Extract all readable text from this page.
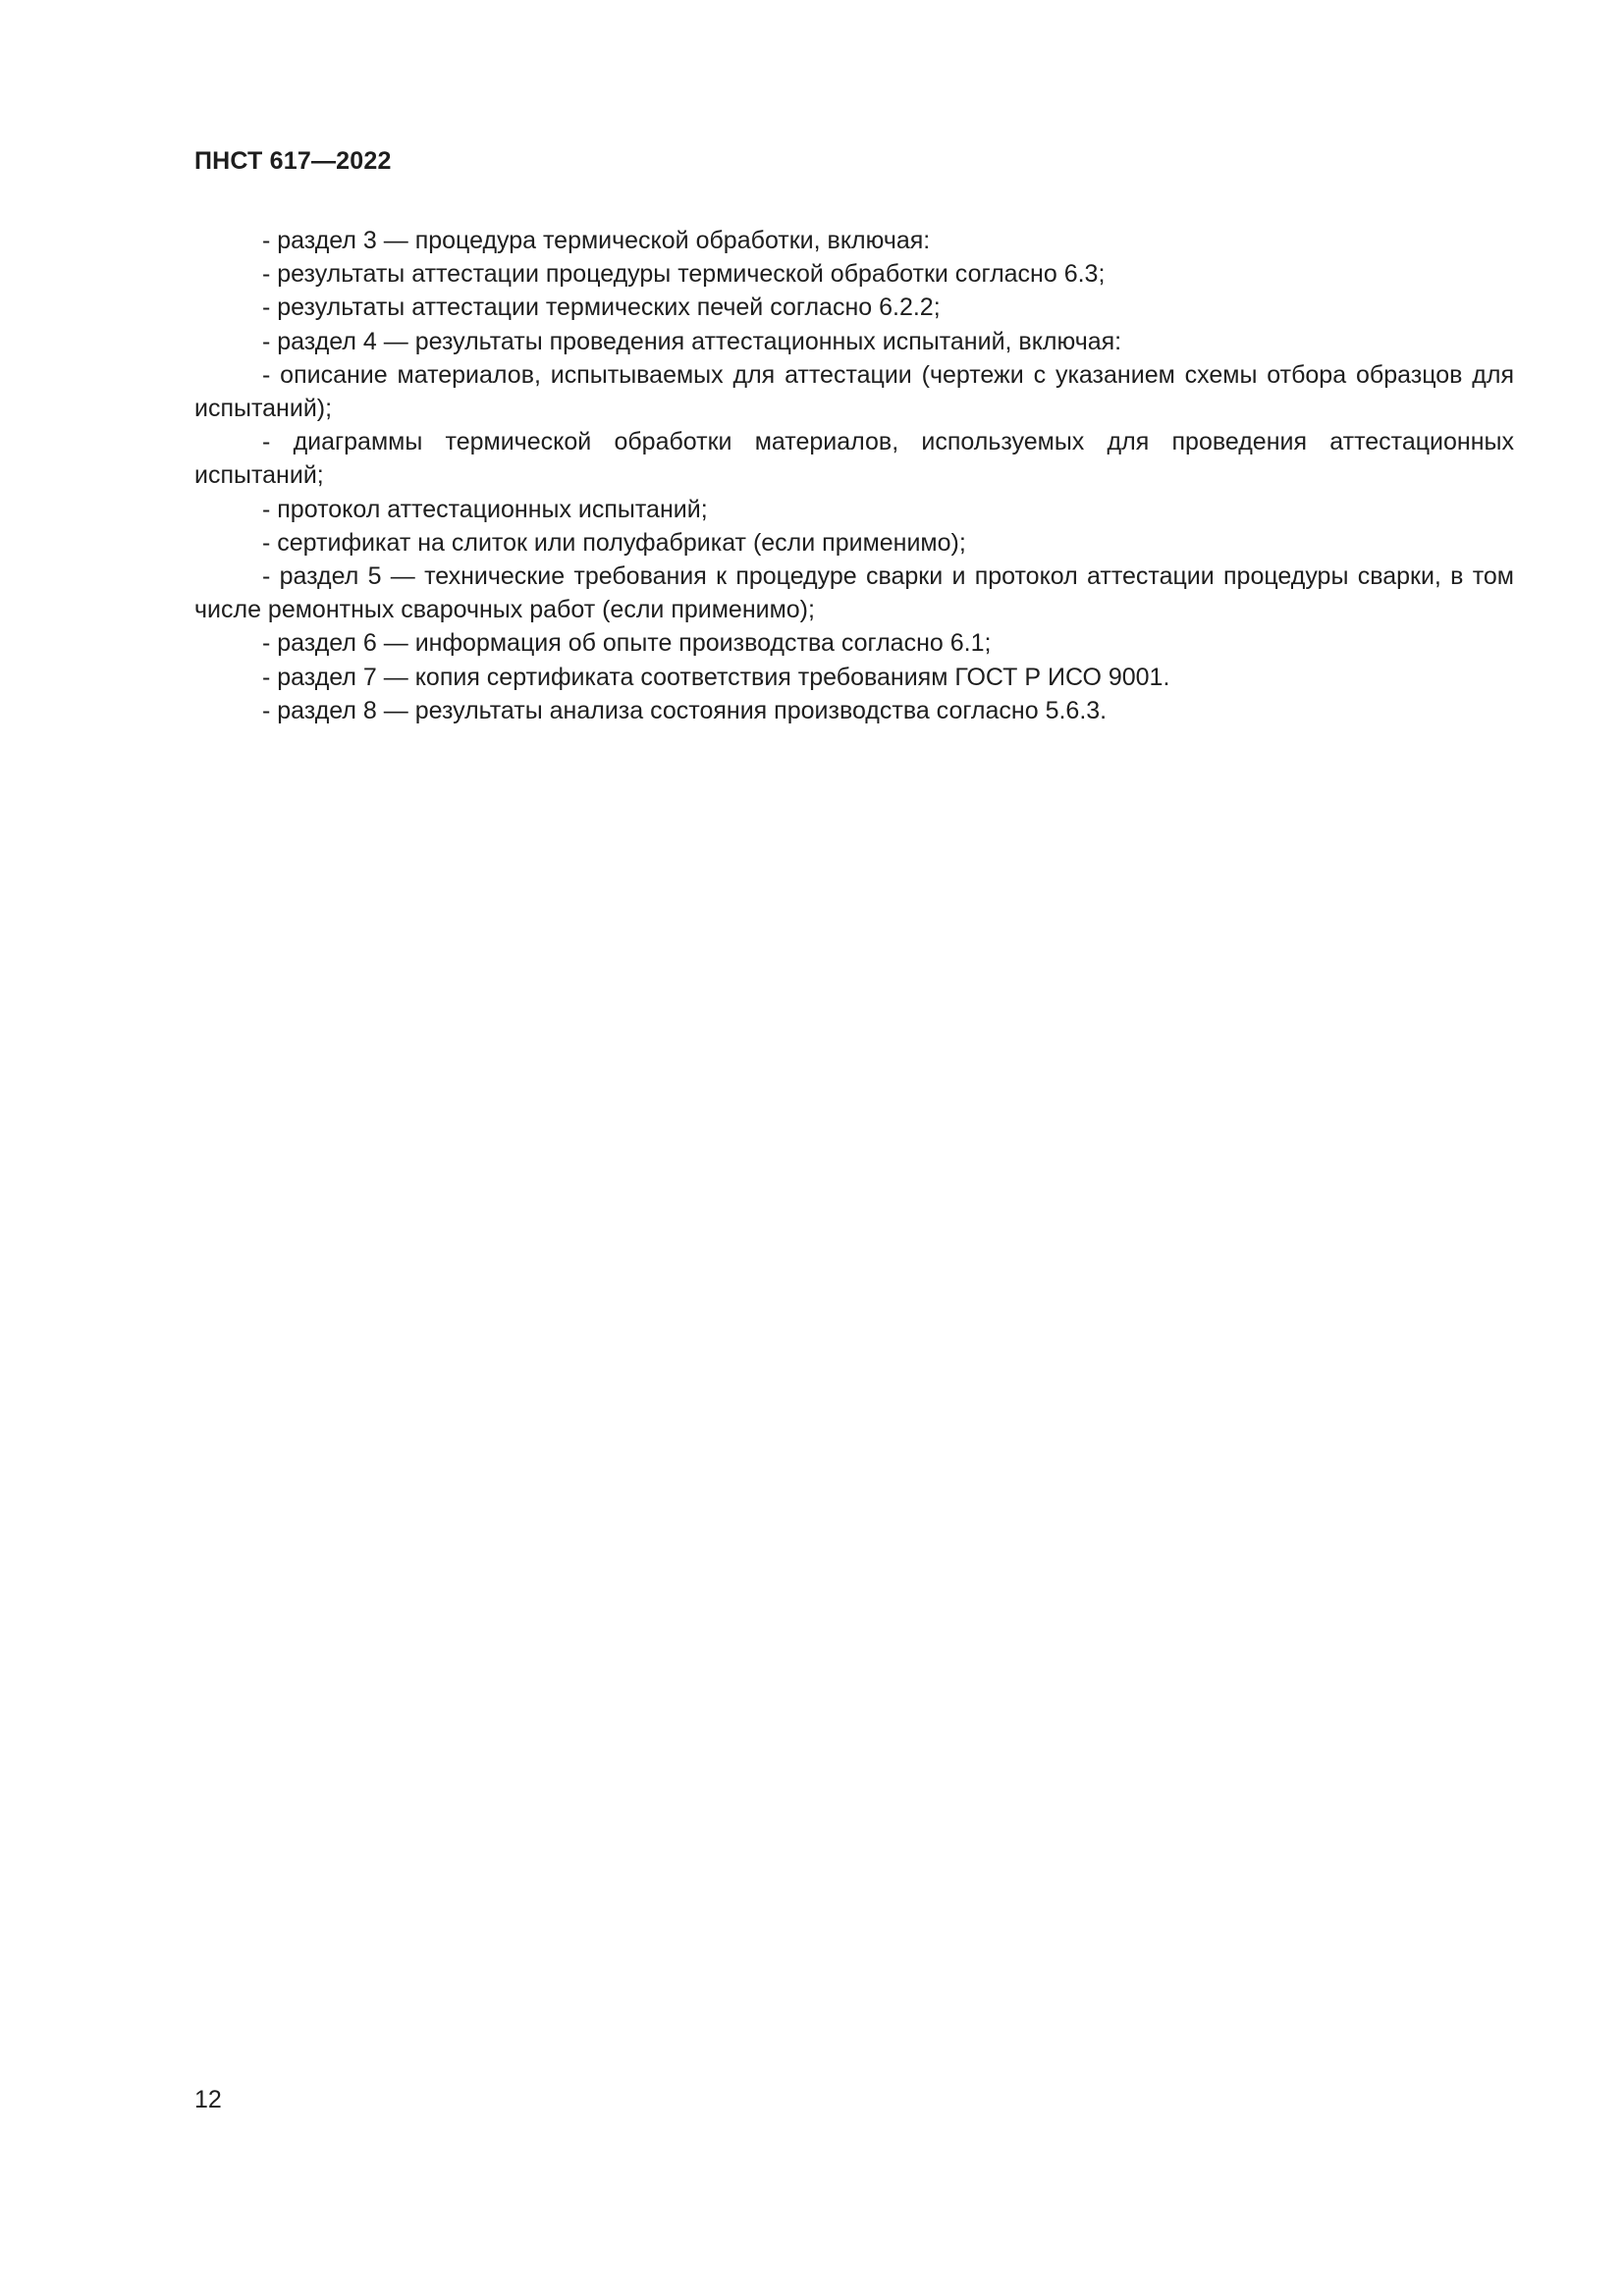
ПНСТ 617—2022

- раздел 3 — процедура термической обработки, включая:

- результаты аттестации процедуры термической обработки согласно 6.3;

- результаты аттестации термических печей согласно 6.2.2;

- раздел 4 — результаты проведения аттестационных испытаний, включая:

- описание материалов, испытываемых для аттестации (чертежи с указанием схемы отбора образцов для испытаний);

- диаграммы термической обработки материалов, используемых для проведения аттестационных испытаний;

- протокол аттестационных испытаний;

- сертификат на слиток или полуфабрикат (если применимо);

- раздел 5 — технические требования к процедуре сварки и протокол аттестации процедуры сварки, в том числе ремонтных сварочных работ (если применимо);

- раздел 6 — информация об опыте производства согласно 6.1;

- раздел 7 — копия сертификата соответствия требованиям ГОСТ Р ИСО 9001.

- раздел 8 — результаты анализа состояния производства согласно 5.6.3.

12
